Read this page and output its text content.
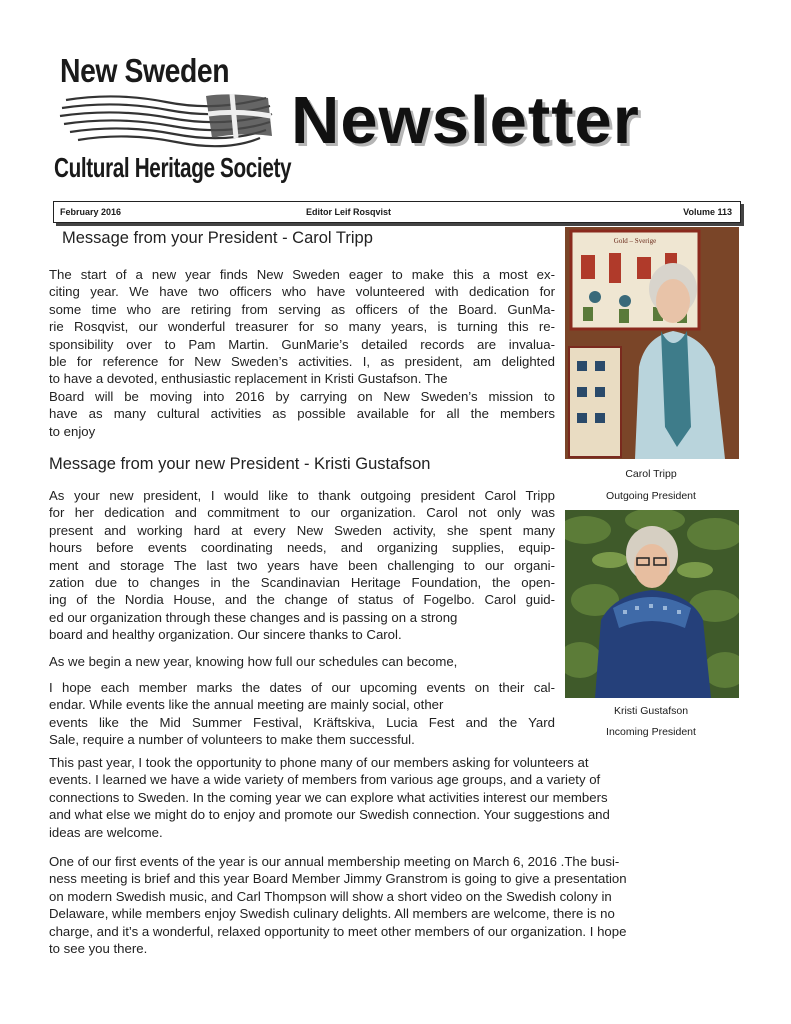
New Sweden
Cultural Heritage Society
Newsletter
February 2016	Editor Leif Rosqvist	Volume 113
Message from your President - Carol Tripp
The start of a new year finds New Sweden eager to make this a most ex-
citing year. We have two officers who have volunteered with dedication for
some time who are retiring from serving as officers of the Board. GunMa-
rie Rosqvist, our wonderful treasurer for so many years, is turning this re-
sponsibility over to Pam Martin. GunMarie’s detailed records are invalua-
ble for reference for New Sweden’s activities. I, as president, am delighted
to have a devoted, enthusiastic replacement in Kristi Gustafson. The
Board will be moving into 2016 by carrying on New Sweden’s mission to
have as many cultural activities as possible available for all the members
to enjoy
Message from your new President - Kristi Gustafson
As your new president, I would like to thank outgoing president Carol Tripp
for her dedication and commitment to our organization. Carol not only was
present and working hard at every New Sweden activity, she spent many
hours before events coordinating needs, and organizing supplies, equip-
ment and storage The last two years have been challenging to our organi-
zation due to changes in the Scandinavian Heritage Foundation, the open-
ing of the Nordia House, and the change of status of Fogelbo. Carol guid-
ed our organization through these changes and is passing on a strong
board and healthy organization. Our sincere thanks to Carol.
As we begin a new year, knowing how full our schedules can become,
I hope each member marks the dates of our upcoming events on their cal-
endar. While events like the annual meeting are mainly social, other
events like the Mid Summer Festival, Kräftskiva, Lucia Fest and the Yard
Sale, require a number of volunteers to make them successful.
This past year, I took the opportunity to phone many of our members asking for volunteers at
events. I learned we have a wide variety of members from various age groups, and a variety of
connections to Sweden. In the coming year we can explore what activities interest our members
and what else we might do to enjoy and promote our Swedish connection. Your suggestions and
ideas are welcome.
One of our first events of the year is our annual membership meeting on March 6, 2016 .The busi-
ness meeting is brief and this year Board Member Jimmy Granstrom is going to give a presentation
on modern Swedish music, and Carl Thompson will show a short video on the Swedish colony in
Delaware, while members enjoy Swedish culinary delights. All members are welcome, there is no
charge, and it’s a wonderful, relaxed opportunity to meet other members of our organization. I hope
to see you there.
Gold – Sverige
Carol Tripp
Outgoing President
Kristi Gustafson
Incoming President
